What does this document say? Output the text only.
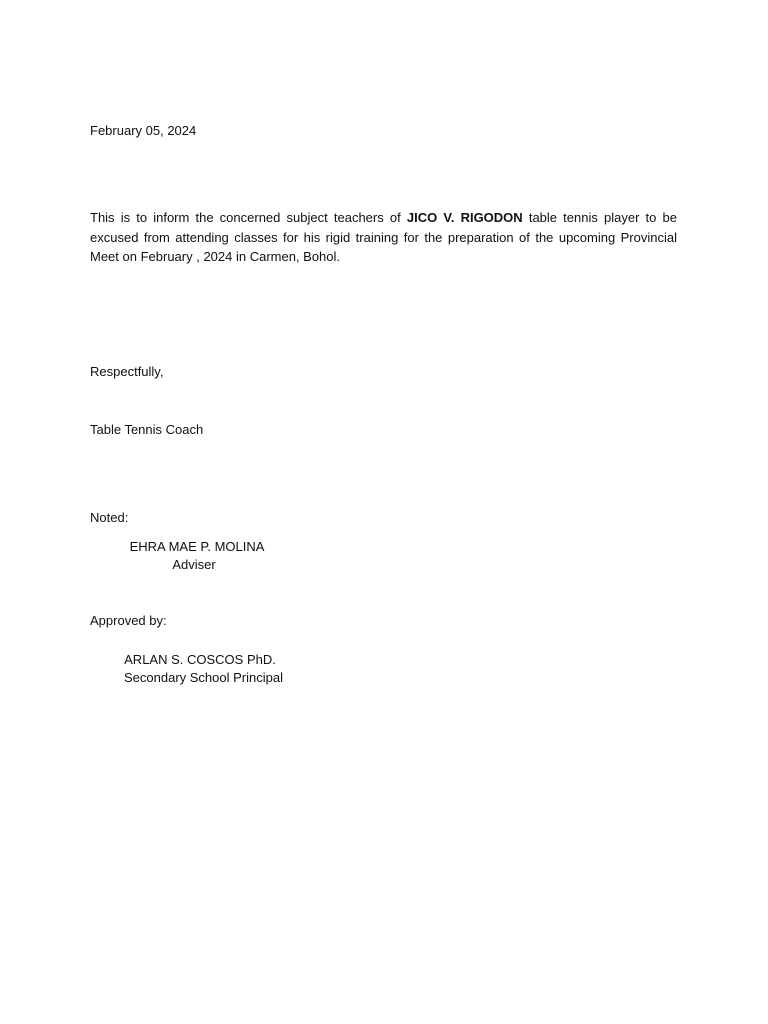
February 05, 2024

This is to inform the concerned subject teachers of JICO V. RIGODON table tennis player to be excused from attending classes for his rigid training for the preparation of the upcoming Provincial Meet on February , 2024 in Carmen, Bohol.

Respectfully,
Table Tennis Coach
Noted:
EHRA MAE P. MOLINA
Adviser
Approved by:
ARLAN S. COSCOS PhD.
Secondary School Principal
